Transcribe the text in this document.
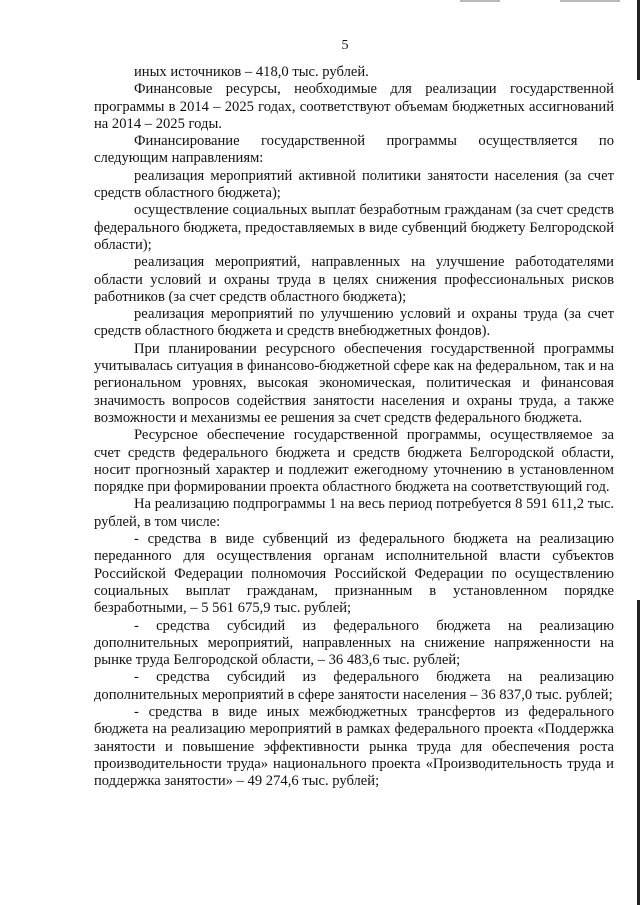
5

иных источников – 418,0 тыс. рублей.

Финансовые ресурсы, необходимые для реализации государственной программы в 2014 – 2025 годах, соответствуют объемам бюджетных ассигнований на 2014 – 2025 годы.

Финансирование государственной программы осуществляется по следующим направлениям:

реализация мероприятий активной политики занятости населения (за счет средств областного бюджета);

осуществление социальных выплат безработным гражданам (за счет средств федерального бюджета, предоставляемых в виде субвенций бюджету Белгородской области);

реализация мероприятий, направленных на улучшение работодателями области условий и охраны труда в целях снижения профессиональных рисков работников (за счет средств областного бюджета);

реализация мероприятий по улучшению условий и охраны труда (за счет средств областного бюджета и средств внебюджетных фондов).

При планировании ресурсного обеспечения государственной программы учитывалась ситуация в финансово-бюджетной сфере как на федеральном, так и на региональном уровнях, высокая экономическая, политическая и финансовая значимость вопросов содействия занятости населения и охраны труда, а также возможности и механизмы ее решения за счет средств федерального бюджета.

Ресурсное обеспечение государственной программы, осуществляемое за счет средств федерального бюджета и средств бюджета Белгородской области, носит прогнозный характер и подлежит ежегодному уточнению в установленном порядке при формировании проекта областного бюджета на соответствующий год.

На реализацию подпрограммы 1 на весь период потребуется 8 591 611,2 тыс. рублей, в том числе:

- средства в виде субвенций из федерального бюджета на реализацию переданного для осуществления органам исполнительной власти субъектов Российской Федерации полномочия Российской Федерации по осуществлению социальных выплат гражданам, признанным в установленном порядке безработными, – 5 561 675,9 тыс. рублей;

- средства субсидий из федерального бюджета на реализацию дополнительных мероприятий, направленных на снижение напряженности на рынке труда Белгородской области, – 36 483,6 тыс. рублей;

- средства субсидий из федерального бюджета на реализацию дополнительных мероприятий в сфере занятости населения – 36 837,0 тыс. рублей;

- средства в виде иных межбюджетных трансфертов из федерального бюджета на реализацию мероприятий в рамках федерального проекта «Поддержка занятости и повышение эффективности рынка труда для обеспечения роста производительности труда» национального проекта «Производительность труда и поддержка занятости» – 49 274,6 тыс. рублей;
